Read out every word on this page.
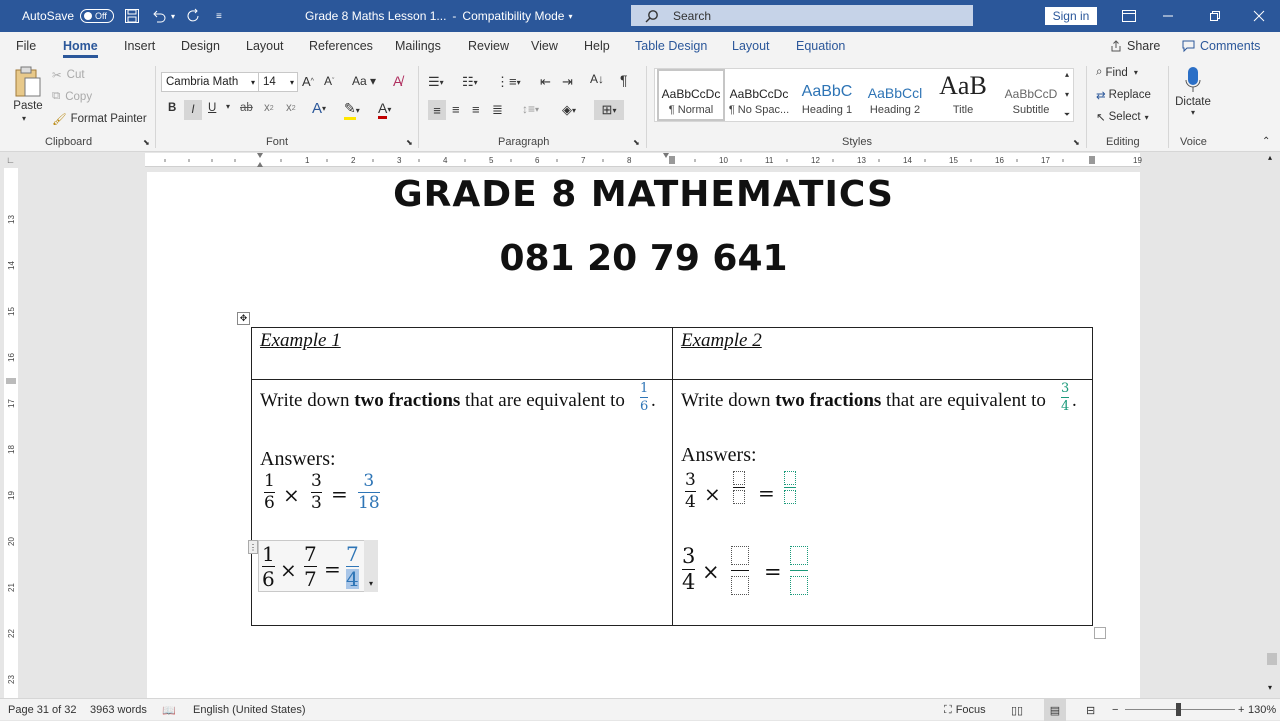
AutoSave Off	▾	≡	Grade 8 Maths Lesson 1... - Compatibility Mode ▾	Search	Sign in
File Home Insert Design Layout References Mailings Review View Help Table Design Layout Equation	Share	Comments
Paste
▾
✂ Cut
⧉ Copy
🖌 Format Painter
Clipboard	⬊
Cambria Math ▾ 14 ▾ A ^ A ˇ Aa ▾ A̸
B	I	U ▾ ab x 2 x 2 A ▾ ✎ ▾ A ▾
Font	⬊
☰ ▾ ☷ ▾ ⋮≡ ▾ ⇤ ⇥ A↓ ¶
≡ ≡ ≡ ≣ ↕≡ ▾ ◈ ▾	⊞ ▾
Paragraph	⬊
AaBbCcDc
¶ Normal
AaBbCcDc
¶ No Spac...
AaBbC
Heading 1
AaBbCcl
Heading 2
AaB
Title
AaBbCcD
Subtitle
▴
▾
⏷
Styles	⬊
⌕ Find ▾
⇄ Replace
↖ Select ▾
Editing
Dictate
▾
Voice	⌃
1	2	3	4	5	6	7	8	10	11	12	13	14	15	16	17	19
∟
13
14
15
16
17
18
19
20
21
22
23
GRADE 8 MATHEMATICS
081 20 79 641
✥
Example 1	Example 2
Write down two fractions that are equivalent to
1
6 .
Answers:
1
6 ×
3
3 =
3
18
⋮
▾
1
6 ×
7
7 =
7
4
Write down two fractions that are equivalent to
3
4 .
Answers:
3
4 × =
3
4 × =
▴
▾
Page 31 of 32 3963 words 📖 English (United States)	⛶ Focus ▯▯	▤	⊟ −	+ 130%
